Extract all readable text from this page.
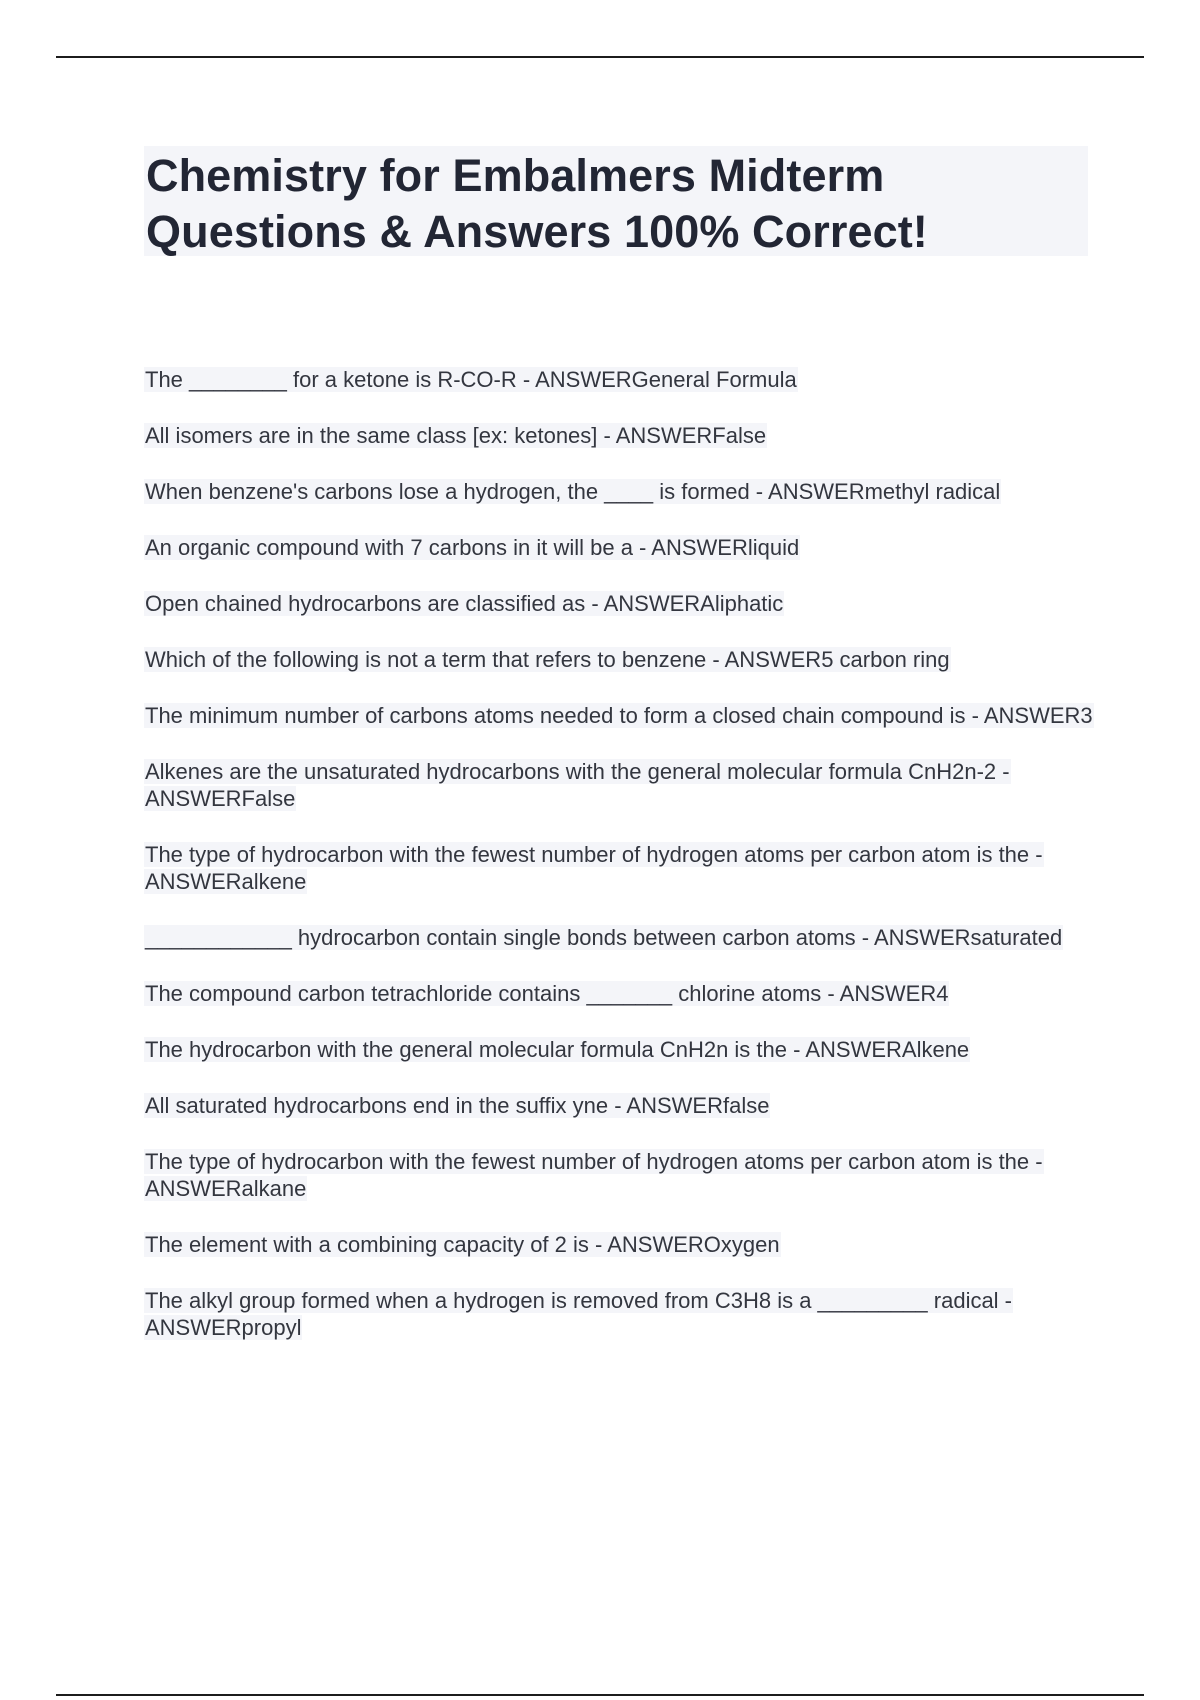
Chemistry for Embalmers Midterm
Questions & Answers 100% Correct!

The ________ for a ketone is R-CO-R - ANSWERGeneral Formula

All isomers are in the same class [ex: ketones] - ANSWERFalse

When benzene's carbons lose a hydrogen, the ____ is formed - ANSWERmethyl radical

An organic compound with 7 carbons in it will be a - ANSWERliquid

Open chained hydrocarbons are classified as - ANSWERAliphatic

Which of the following is not a term that refers to benzene - ANSWER5 carbon ring

The minimum number of carbons atoms needed to form a closed chain compound is - ANSWER3

Alkenes are the unsaturated hydrocarbons with the general molecular formula CnH2n-2 - ANSWERFalse

The type of hydrocarbon with the fewest number of hydrogen atoms per carbon atom is the - ANSWERalkene

____________ hydrocarbon contain single bonds between carbon atoms - ANSWERsaturated

The compound carbon tetrachloride contains _______ chlorine atoms - ANSWER4

The hydrocarbon with the general molecular formula CnH2n is the - ANSWERAlkene

All saturated hydrocarbons end in the suffix yne - ANSWERfalse

The type of hydrocarbon with the fewest number of hydrogen atoms per carbon atom is the - ANSWERalkane

The element with a combining capacity of 2 is - ANSWEROxygen

The alkyl group formed when a hydrogen is removed from C3H8 is a _________ radical - ANSWERpropyl
